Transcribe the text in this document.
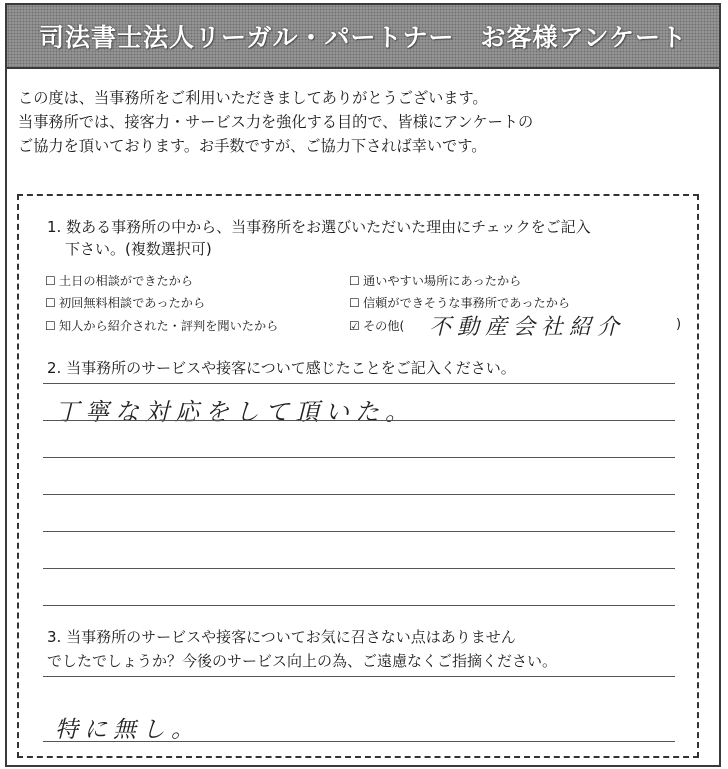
司法書士法人リーガル・パートナー　お客様アンケート
この度は、当事務所をご利用いただきましてありがとうございます。
当事務所では、接客力・サービス力を強化する目的で、皆様にアンケートの
ご協力を頂いております。お手数ですが、ご協力下されば幸いです。
1. 数ある事務所の中から、当事務所をお選びいただいた理由にチェックをご記入
下さい。(複数選択可)
☐ 土日の相談ができたから	☐ 通いやすい場所にあったから
☐ 初回無料相談であったから	☐ 信頼ができそうな事務所であったから
☐ 知人から紹介された・評判を聞いたから	☑ その他( 不動産会社紹介	)
2. 当事務所のサービスや接客について感じたことをご記入ください。
丁寧な対応をして頂いた。
3. 当事務所のサービスや接客についてお気に召さない点はありません
でしたでしょうか？今後のサービス向上の為、ご遠慮なくご指摘ください。
特に無し。
